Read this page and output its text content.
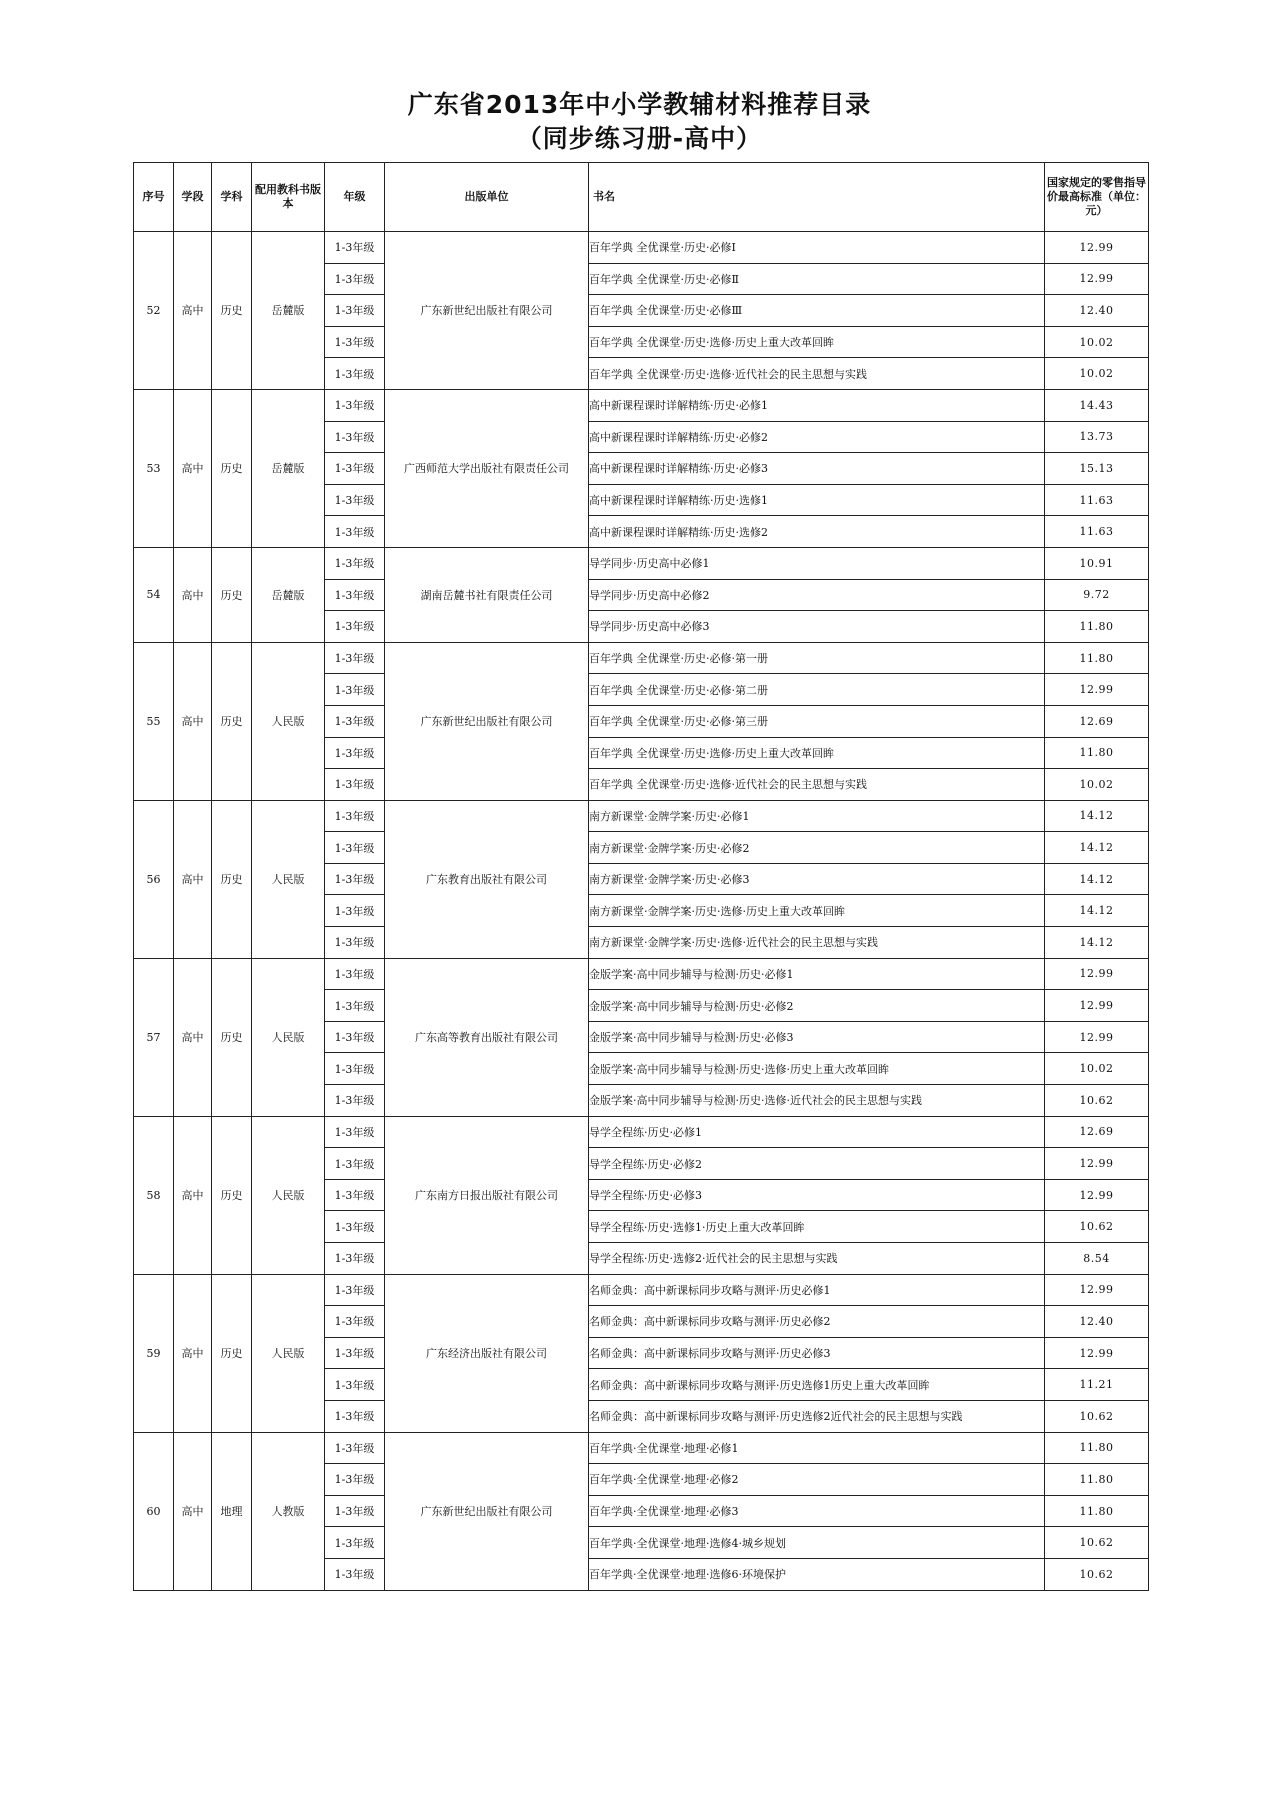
广东省2013年中小学教辅材料推荐目录
（同步练习册-高中）
序号	学段	学科	配用教科书版本	年级	出版单位	书名	国家规定的零售指导价最高标准（单位：元）
52	高中	历史	岳麓版	1-3年级	广东新世纪出版社有限公司	百年学典 全优课堂·历史·必修Ⅰ	12.99
				1-3年级		百年学典 全优课堂·历史·必修Ⅱ	12.99
				1-3年级		百年学典 全优课堂·历史·必修Ⅲ	12.40
				1-3年级		百年学典 全优课堂·历史·选修·历史上重大改革回眸	10.02
				1-3年级		百年学典 全优课堂·历史·选修·近代社会的民主思想与实践	10.02
53	高中	历史	岳麓版	1-3年级	广西师范大学出版社有限责任公司	高中新课程课时详解精练·历史·必修1	14.43
				1-3年级		高中新课程课时详解精练·历史·必修2	13.73
				1-3年级		高中新课程课时详解精练·历史·必修3	15.13
				1-3年级		高中新课程课时详解精练·历史·选修1	11.63
				1-3年级		高中新课程课时详解精练·历史·选修2	11.63
54	高中	历史	岳麓版	1-3年级	湖南岳麓书社有限责任公司	导学同步·历史高中必修1	10.91
				1-3年级		导学同步·历史高中必修2	9.72
				1-3年级		导学同步·历史高中必修3	11.80
55	高中	历史	人民版	1-3年级	广东新世纪出版社有限公司	百年学典 全优课堂·历史·必修·第一册	11.80
				1-3年级		百年学典 全优课堂·历史·必修·第二册	12.99
				1-3年级		百年学典 全优课堂·历史·必修·第三册	12.69
				1-3年级		百年学典 全优课堂·历史·选修·历史上重大改革回眸	11.80
				1-3年级		百年学典 全优课堂·历史·选修·近代社会的民主思想与实践	10.02
56	高中	历史	人民版	1-3年级	广东教育出版社有限公司	南方新课堂·金牌学案·历史·必修1	14.12
				1-3年级		南方新课堂·金牌学案·历史·必修2	14.12
				1-3年级		南方新课堂·金牌学案·历史·必修3	14.12
				1-3年级		南方新课堂·金牌学案·历史·选修·历史上重大改革回眸	14.12
				1-3年级		南方新课堂·金牌学案·历史·选修·近代社会的民主思想与实践	14.12
57	高中	历史	人民版	1-3年级	广东高等教育出版社有限公司	金版学案·高中同步辅导与检测·历史·必修1	12.99
				1-3年级		金版学案·高中同步辅导与检测·历史·必修2	12.99
				1-3年级		金版学案·高中同步辅导与检测·历史·必修3	12.99
				1-3年级		金版学案·高中同步辅导与检测·历史·选修·历史上重大改革回眸	10.02
				1-3年级		金版学案·高中同步辅导与检测·历史·选修·近代社会的民主思想与实践	10.62
58	高中	历史	人民版	1-3年级	广东南方日报出版社有限公司	导学全程练·历史·必修1	12.69
				1-3年级		导学全程练·历史·必修2	12.99
				1-3年级		导学全程练·历史·必修3	12.99
				1-3年级		导学全程练·历史·选修1·历史上重大改革回眸	10.62
				1-3年级		导学全程练·历史·选修2·近代社会的民主思想与实践	8.54
59	高中	历史	人民版	1-3年级	广东经济出版社有限公司	名师金典：高中新课标同步攻略与测评·历史必修1	12.99
				1-3年级		名师金典：高中新课标同步攻略与测评·历史必修2	12.40
				1-3年级		名师金典：高中新课标同步攻略与测评·历史必修3	12.99
				1-3年级		名师金典：高中新课标同步攻略与测评·历史选修1历史上重大改革回眸	11.21
				1-3年级		名师金典：高中新课标同步攻略与测评·历史选修2近代社会的民主思想与实践	10.62
60	高中	地理	人教版	1-3年级	广东新世纪出版社有限公司	百年学典·全优课堂·地理·必修1	11.80
				1-3年级		百年学典·全优课堂·地理·必修2	11.80
				1-3年级		百年学典·全优课堂·地理·必修3	11.80
				1-3年级		百年学典·全优课堂·地理·选修4·城乡规划	10.62
				1-3年级		百年学典·全优课堂·地理·选修6·环境保护	10.62
